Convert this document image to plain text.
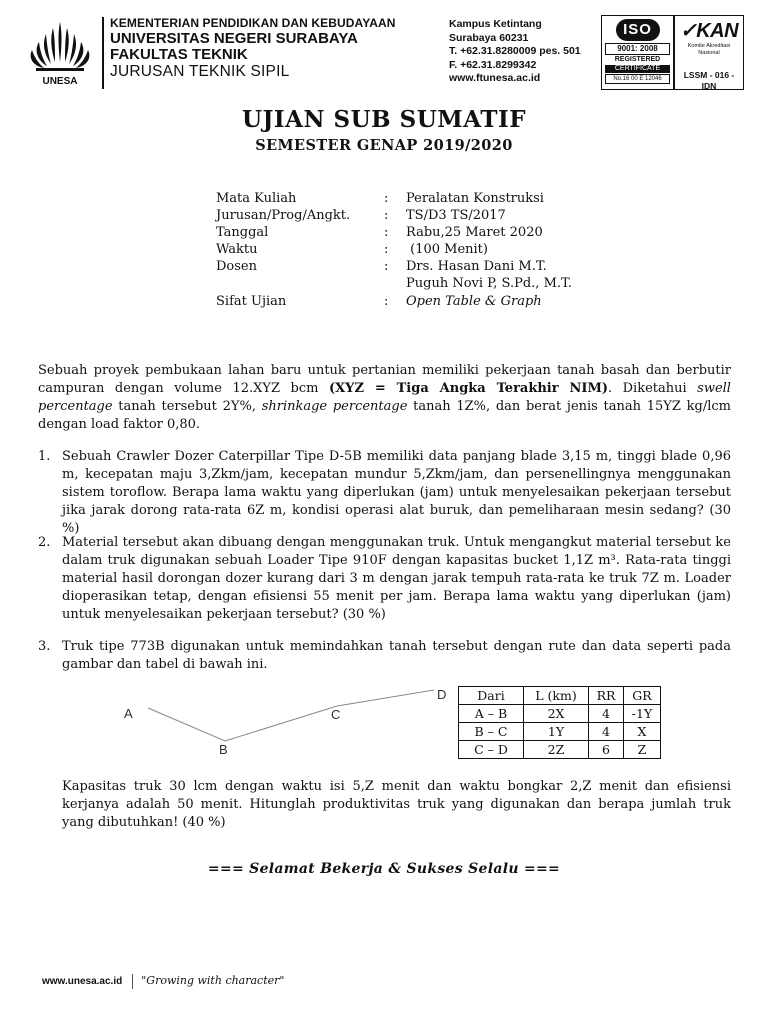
UNESA
KEMENTERIAN PENDIDIKAN DAN KEBUDAYAAN
UNIVERSITAS NEGERI SURABAYA
FAKULTAS TEKNIK
JURUSAN TEKNIK SIPIL
Kampus Ketintang
Surabaya 60231
T. +62.31.8280009 pes. 501
F. +62.31.8299342
www.ftunesa.ac.id
ISO
9001: 2008
REGISTERED
CERTIFICATE
No.16 00 E 12046
✓KAN
Komite Akreditasi Nasional
LSSM - 016 - IDN
UJIAN SUB SUMATIF
SEMESTER GENAP 2019/2020
Mata Kuliah	: Peralatan Konstruksi
Jurusan/Prog/Angkt.	: TS/D3 TS/2017
Tanggal	: Rabu,25 Maret 2020
Waktu	: (100 Menit)
Dosen	: Drs. Hasan Dani M.T.
Puguh Novi P, S.Pd., M.T.
Sifat Ujian	: Open Table & Graph
Sebuah proyek pembukaan lahan baru untuk pertanian memiliki pekerjaan tanah basah dan berbutir campuran dengan volume 12.XYZ bcm (XYZ = Tiga Angka Terakhir NIM). Diketahui swell percentage tanah tersebut 2Y%, shrinkage percentage tanah 1Z%, dan berat jenis tanah 15YZ kg/lcm dengan load faktor 0,80.
1. Sebuah Crawler Dozer Caterpillar Tipe D-5B memiliki data panjang blade 3,15 m, tinggi blade 0,96 m, kecepatan maju 3,Zkm/jam, kecepatan mundur 5,Zkm/jam, dan persenellingnya menggunakan sistem toroflow. Berapa lama waktu yang diperlukan (jam) untuk menyelesaikan pekerjaan tersebut jika jarak dorong rata-rata 6Z m, kondisi operasi alat buruk, dan pemeliharaan mesin sedang? (30 %)
2. Material tersebut akan dibuang dengan menggunakan truk. Untuk mengangkut material tersebut ke dalam truk digunakan sebuah Loader Tipe 910F dengan kapasitas bucket 1,1Z m³. Rata-rata tinggi material hasil dorongan dozer kurang dari 3 m dengan jarak tempuh rata-rata ke truk 7Z m. Loader dioperasikan tetap, dengan efisiensi 55 menit per jam. Berapa lama waktu yang diperlukan (jam) untuk menyelesaikan pekerjaan tersebut? (30 %)
3. Truk tipe 773B digunakan untuk memindahkan tanah tersebut dengan rute dan data seperti pada gambar dan tabel di bawah ini.
A
B
C
D Dari	L (km)	RR	GR
A – B	2X	4	-1Y
B – C	1Y	4	X
C – D	2Z	6	Z
Kapasitas truk 30 lcm dengan waktu isi 5,Z menit dan waktu bongkar 2,Z menit dan efisiensi kerjanya adalah 50 menit. Hitunglah produktivitas truk yang digunakan dan berapa jumlah truk yang dibutuhkan! (40 %)
=== Selamat Bekerja & Sukses Selalu ===
www.unesa.ac.id "Growing with character"
